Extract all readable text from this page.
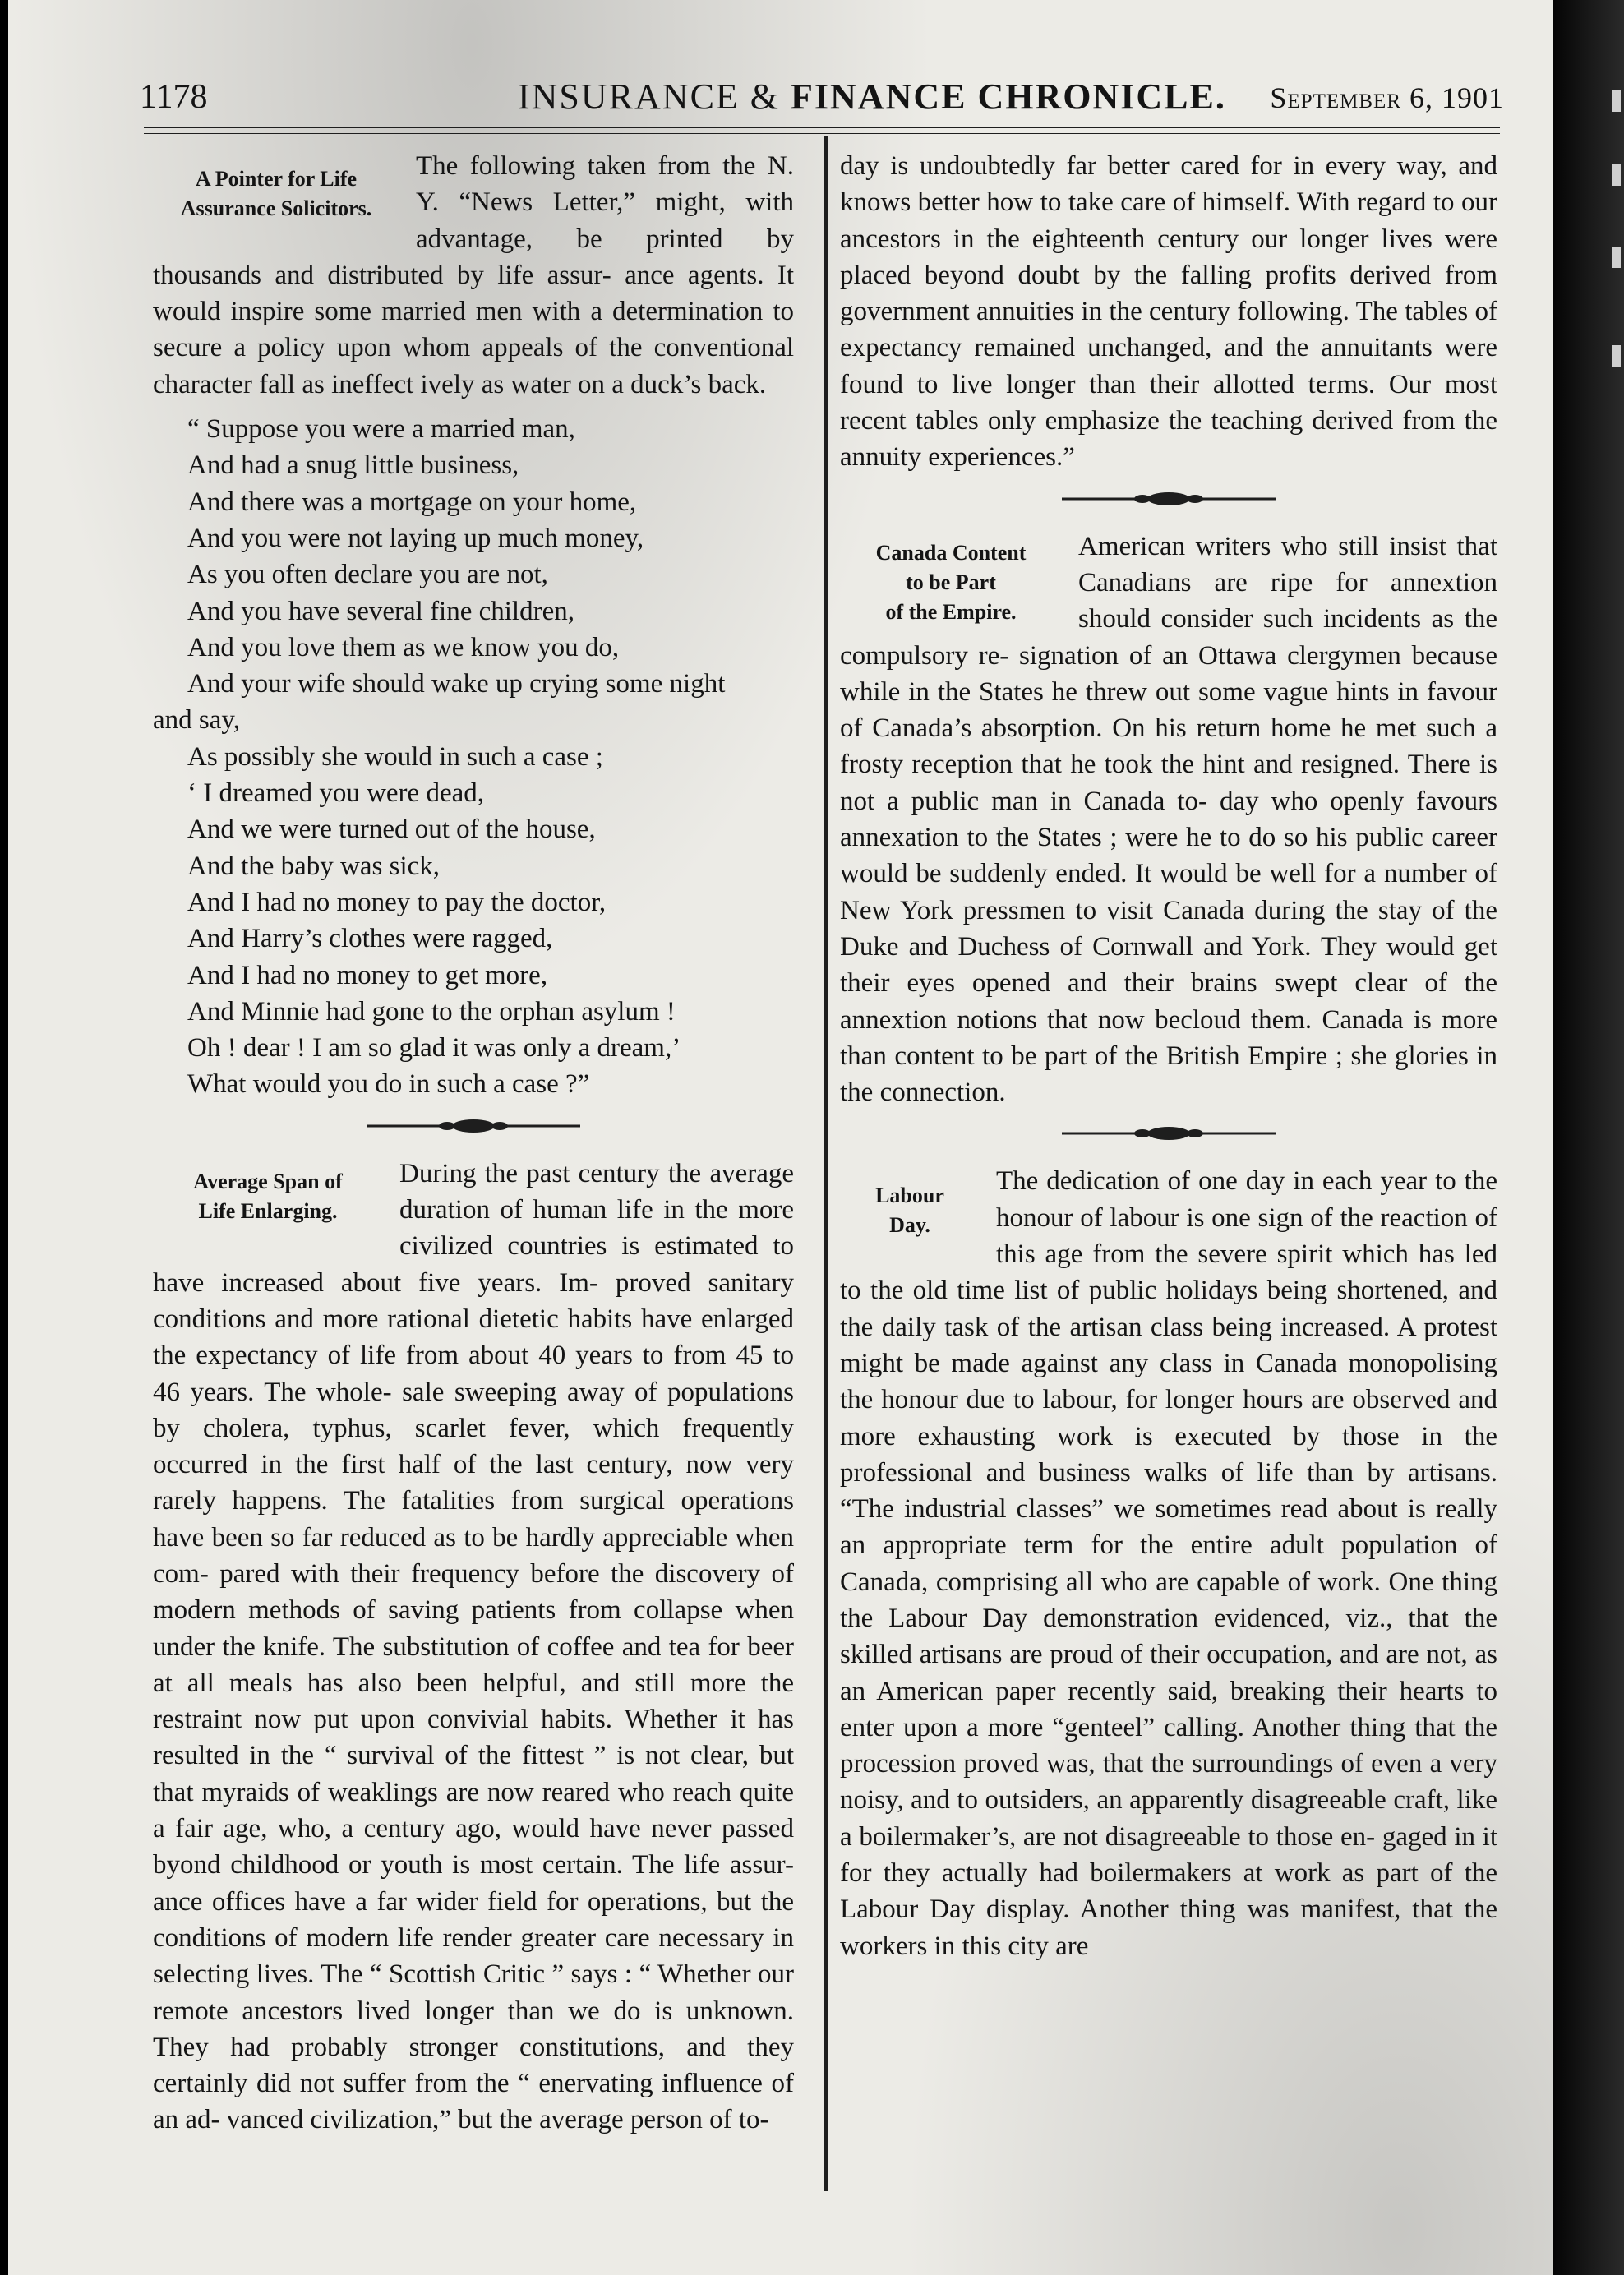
1178	INSURANCE & FINANCE CHRONICLE. September 6, 1901
A Pointer for Life
Assurance Solicitors.

The following taken from the N. Y. “News Letter,” might, with advantage, be printed by thousands and distributed by life assur- ance agents. It would inspire some married men with a determination to secure a policy upon whom appeals of the conventional character fall as ineffect ively as water on a duck’s back.

“ Suppose you were a married man,
And had a snug little business,
And there was a mortgage on your home,
And you were not laying up much money,
As you often declare you are not,
And you have several fine children,
And you love them as we know you do,
And your wife should wake up crying some night
and say,
As possibly she would in such a case ;
‘ I dreamed you were dead,
And we were turned out of the house,
And the baby was sick,
And I had no money to pay the doctor,
And Harry’s clothes were ragged,
And I had no money to get more,
And Minnie had gone to the orphan asylum !
Oh ! dear ! I am so glad it was only a dream,’
What would you do in such a case ?”
Average Span of
Life Enlarging.

During the past century the average duration of human life in the more civilized countries is estimated to have increased about five years. Im- proved sanitary conditions and more rational dietetic habits have enlarged the expectancy of life from about 40 years to from 45 to 46 years. The whole- sale sweeping away of populations by cholera, typhus, scarlet fever, which frequently occurred in the first half of the last century, now very rarely happens. The fatalities from surgical operations have been so far reduced as to be hardly appreciable when com- pared with their frequency before the discovery of modern methods of saving patients from collapse when under the knife. The substitution of coffee and tea for beer at all meals has also been helpful, and still more the restraint now put upon convivial habits. Whether it has resulted in the “ survival of the fittest ” is not clear, but that myraids of weaklings are now reared who reach quite a fair age, who, a century ago, would have never passed byond childhood or youth is most certain. The life assur- ance offices have a far wider field for operations, but the conditions of modern life render greater care necessary in selecting lives. The “ Scottish Critic ” says : “ Whether our remote ancestors lived longer than we do is unknown. They had probably stronger constitutions, and they certainly did not suffer from the “ enervating influence of an ad- vanced civilization,” but the average person of to-

day is undoubtedly far better cared for in every way, and knows better how to take care of himself. With regard to our ancestors in the eighteenth century our longer lives were placed beyond doubt by the falling profits derived from government annuities in the century following. The tables of expectancy remained unchanged, and the annuitants were found to live longer than their allotted terms. Our most recent tables only emphasize the teaching derived from the annuity experiences.”

Canada Content
to be Part
of the Empire.

American writers who still insist that Canadians are ripe for annextion should consider such incidents as the compulsory re- signation of an Ottawa clergymen because while in the States he threw out some vague hints in favour of Canada’s absorption. On his return home he met such a frosty reception that he took the hint and resigned. There is not a public man in Canada to- day who openly favours annexation to the States ; were he to do so his public career would be suddenly ended. It would be well for a number of New York pressmen to visit Canada during the stay of the Duke and Duchess of Cornwall and York. They would get their eyes opened and their brains swept clear of the annextion notions that now becloud them. Canada is more than content to be part of the British Empire ; she glories in the connection.

Labour
Day.

The dedication of one day in each year to the honour of labour is one sign of the reaction of this age from the severe spirit which has led to the old time list of public holidays being shortened, and the daily task of the artisan class being increased. A protest might be made against any class in Canada monopolising the honour due to labour, for longer hours are observed and more exhausting work is executed by those in the professional and business walks of life than by artisans. “The industrial classes” we sometimes read about is really an appropriate term for the entire adult population of Canada, comprising all who are capable of work. One thing the Labour Day demonstration evidenced, viz., that the skilled artisans are proud of their occupation, and are not, as an American paper recently said, breaking their hearts to enter upon a more “genteel” calling. Another thing that the procession proved was, that the surroundings of even a very noisy, and to outsiders, an apparently disagreeable craft, like a boilermaker’s, are not disagreeable to those en- gaged in it for they actually had boilermakers at work as part of the Labour Day display. Another thing was manifest, that the workers in this city are
